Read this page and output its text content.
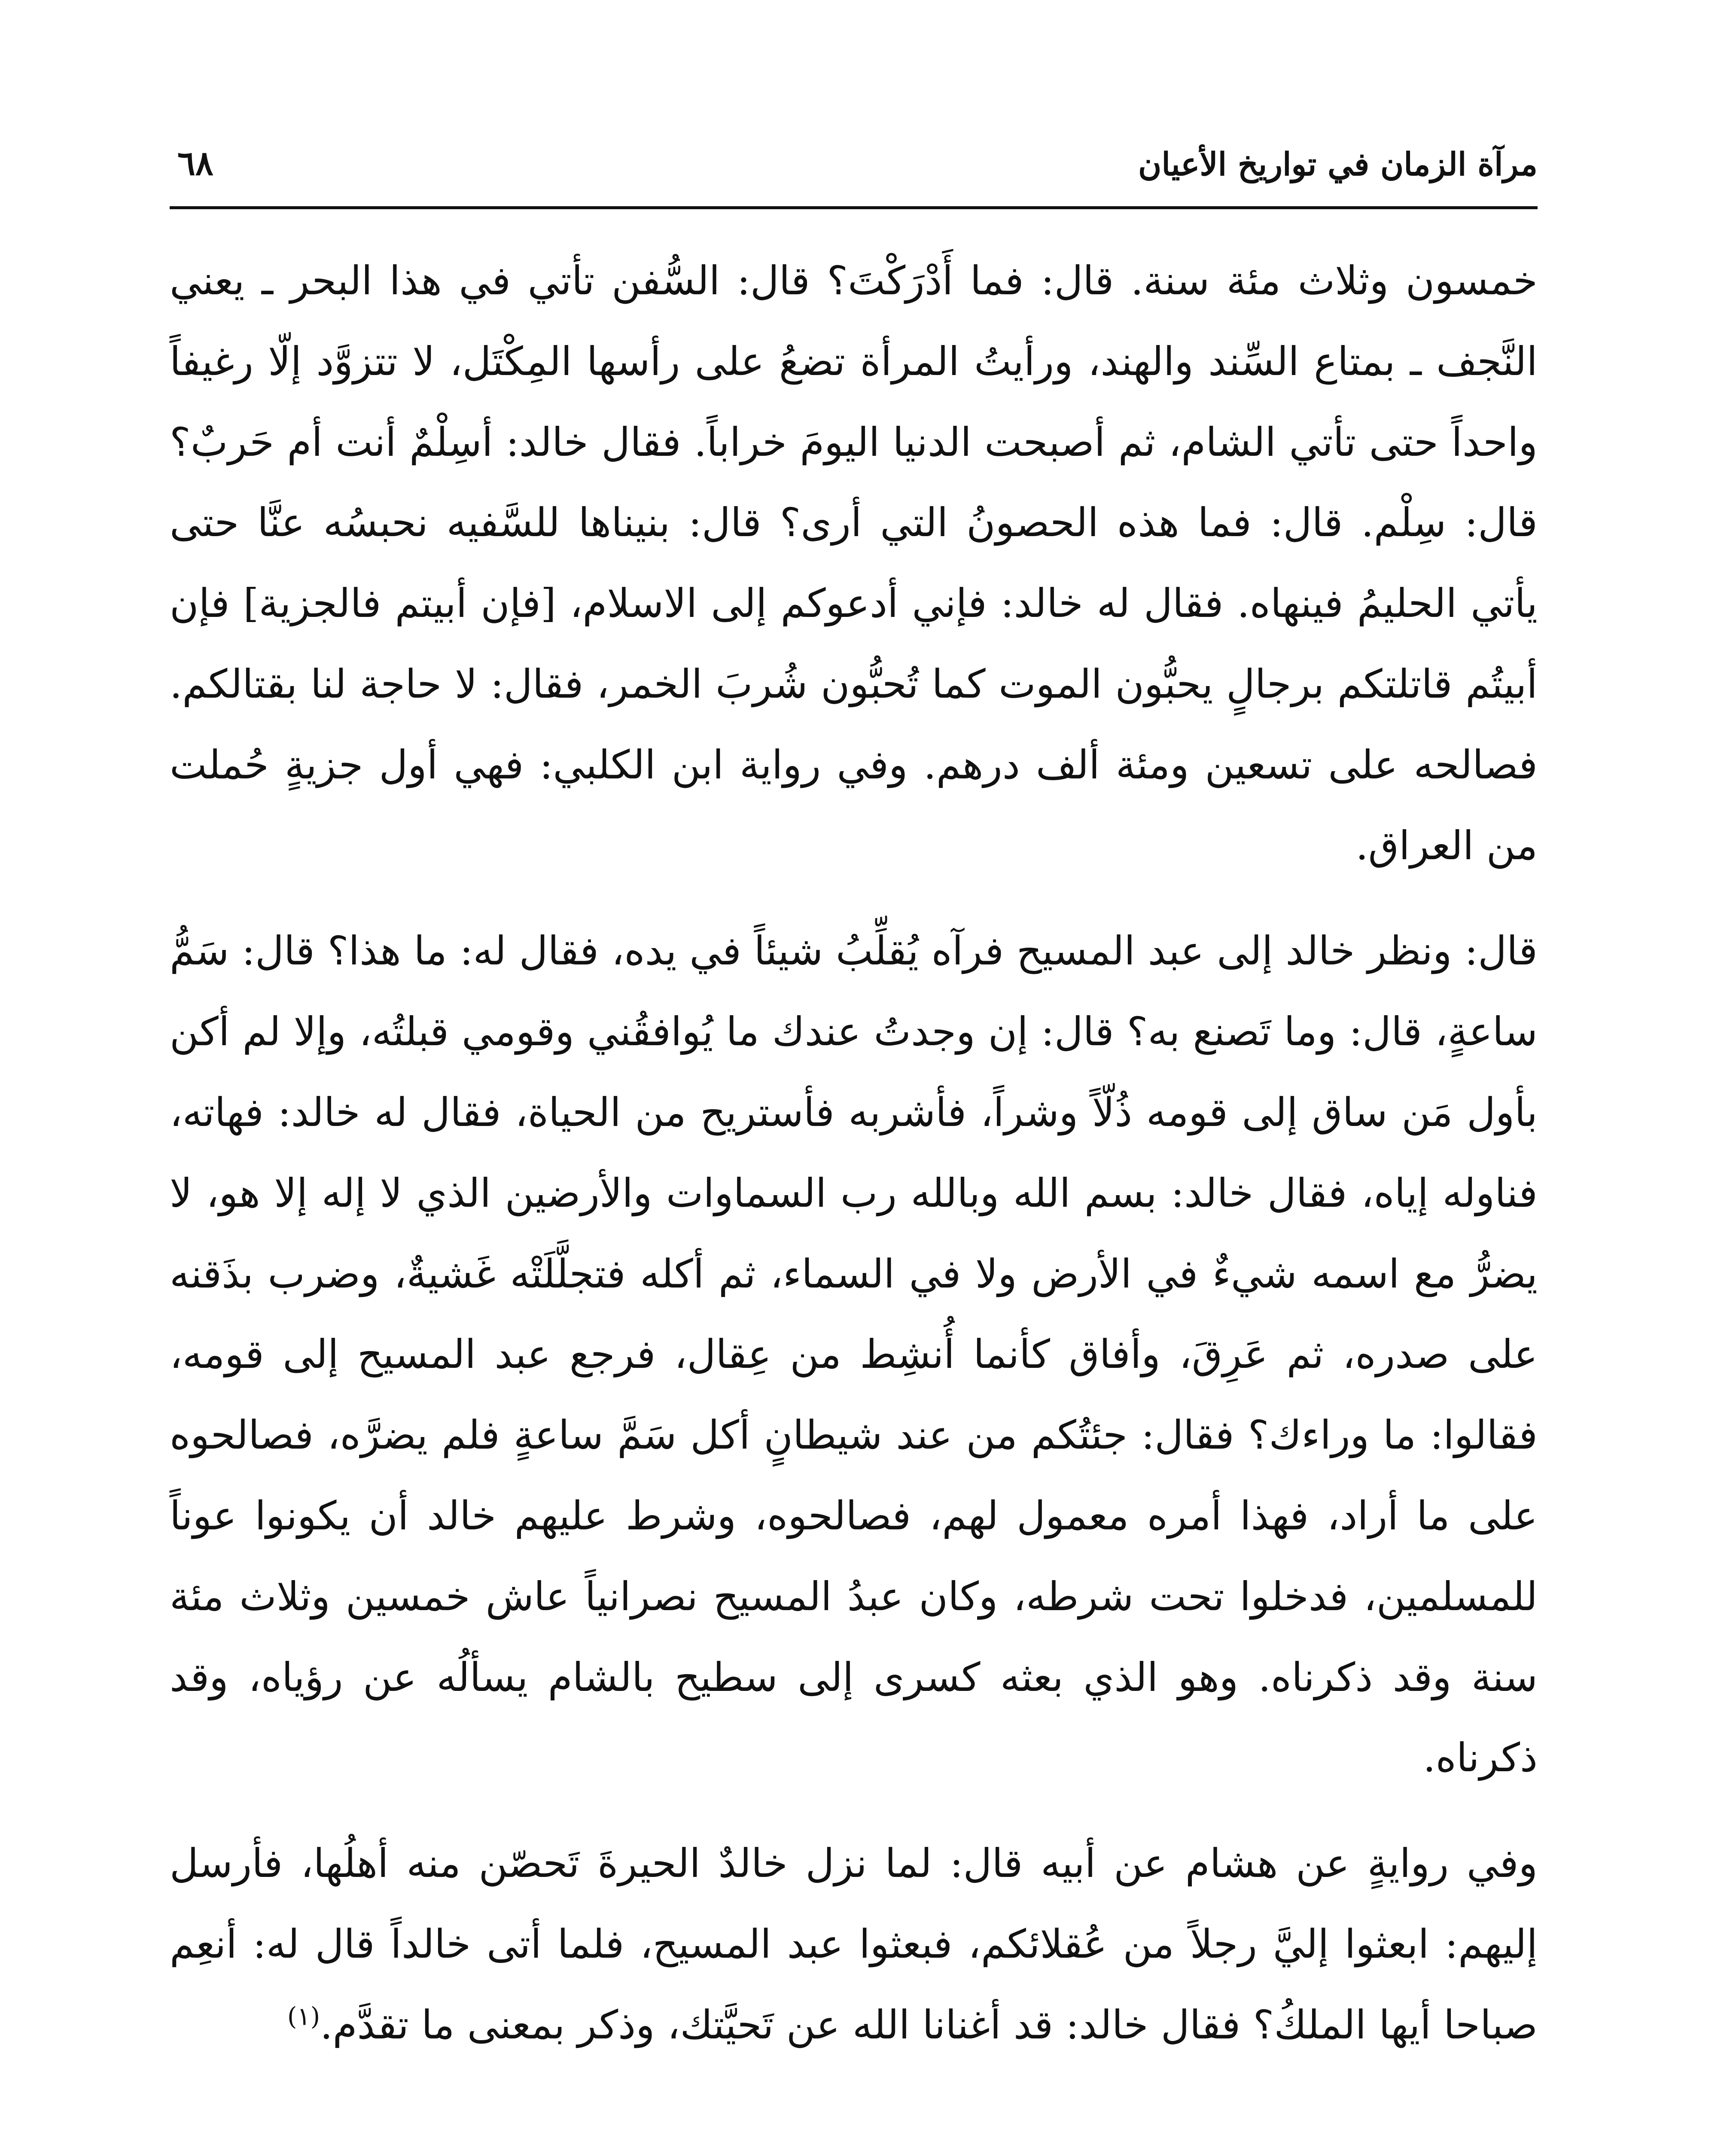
مرآة الزمان في تواريخ الأعيان
٦٨

خمسون وثلاث مئة سنة. قال: فما أَدْرَكْتَ؟ قال: السُّفن تأتي في هذا البحر ـ يعني النَّجف ـ بمتاع السِّند والهند، ورأيتُ المرأة تضعُ على رأسها المِكْتَل، لا تتزوَّد إلّا رغيفاً واحداً حتى تأتي الشام، ثم أصبحت الدنيا اليومَ خراباً. فقال خالد: أسِلْمٌ أنت أم حَربٌ؟ قال: سِلْم. قال: فما هذه الحصونُ التي أرى؟ قال: بنيناها للسَّفيه نحبسُه عنَّا حتى يأتي الحليمُ فينهاه. فقال له خالد: فإني أدعوكم إلى الاسلام، [فإن أبيتم فالجزية] فإن أبيتُم قاتلتكم برجالٍ يحبُّون الموت كما تُحبُّون شُربَ الخمر، فقال: لا حاجة لنا بقتالكم. فصالحه على تسعين ومئة ألف درهم. وفي رواية ابن الكلبي: فهي أول جزيةٍ حُملت من العراق.

قال: ونظر خالد إلى عبد المسيح فرآه يُقلِّبُ شيئاً في يده، فقال له: ما هذا؟ قال: سَمُّ ساعةٍ، قال: وما تَصنع به؟ قال: إن وجدتُ عندك ما يُوافقُني وقومي قبلتُه، وإلا لم أكن بأول مَن ساق إلى قومه ذُلّاً وشراً، فأشربه فأستريح من الحياة، فقال له خالد: فهاته، فناوله إياه، فقال خالد: بسم الله وبالله رب السماوات والأرضين الذي لا إله إلا هو، لا يضرُّ مع اسمه شيءٌ في الأرض ولا في السماء، ثم أكله فتجلَّلَتْه غَشيةٌ، وضرب بذَقنه على صدره، ثم عَرِقَ، وأفاق كأنما أُنشِط من عِقال، فرجع عبد المسيح إلى قومه، فقالوا: ما وراءك؟ فقال: جئتُكم من عند شيطانٍ أكل سَمَّ ساعةٍ فلم يضرَّه، فصالحوه على ما أراد، فهذا أمره معمول لهم، فصالحوه، وشرط عليهم خالد أن يكونوا عوناً للمسلمين، فدخلوا تحت شرطه، وكان عبدُ المسيح نصرانياً عاش خمسين وثلاث مئة سنة وقد ذكرناه. وهو الذي بعثه كسرى إلى سطيح بالشام يسألُه عن رؤياه، وقد ذكرناه.

وفي روايةٍ عن هشام عن أبيه قال: لما نزل خالدٌ الحيرةَ تَحصّن منه أهلُها، فأرسل إليهم: ابعثوا إليَّ رجلاً من عُقلائكم، فبعثوا عبد المسيح، فلما أتى خالداً قال له: أنعِم صباحا أيها الملكُ؟ فقال خالد: قد أغنانا الله عن تَحيَّتك، وذكر بمعنى ما تقدَّم.$^{(١)}$
